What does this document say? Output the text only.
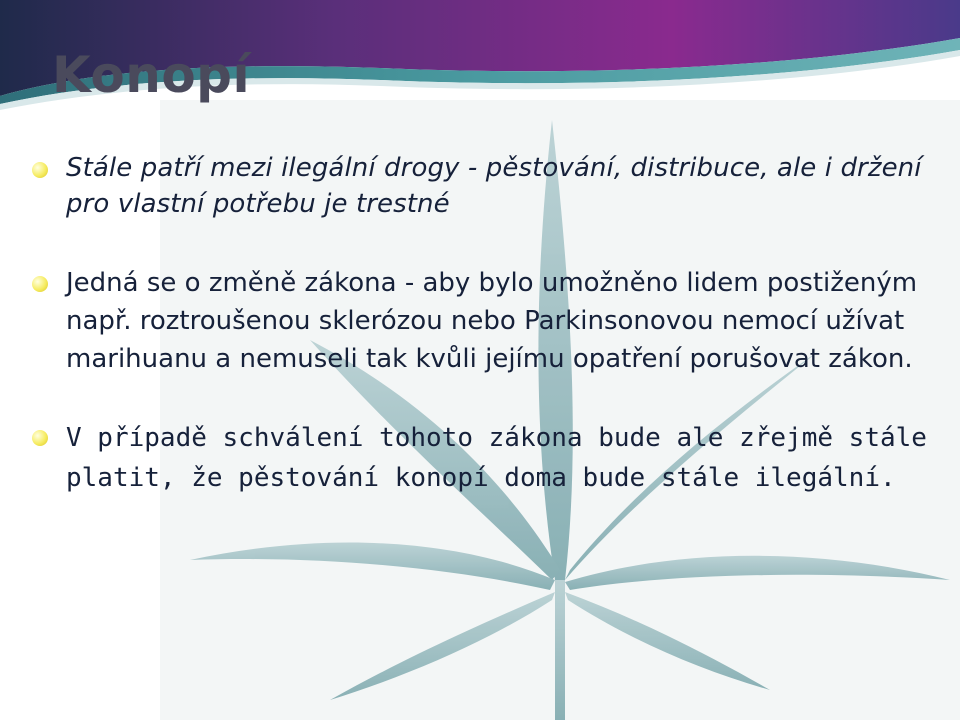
Konopí
Stále patří mezi ilegální drogy - pěstování, distribuce, ale i držení pro vlastní potřebu je trestné
Jedná se o změně zákona - aby bylo umožněno lidem postiženým např. roztroušenou sklerózou nebo Parkinsonovou nemocí užívat marihuanu a nemuseli tak kvůli jejímu opatření porušovat zákon.
V případě schválení tohoto zákona bude ale zřejmě stále platit, že pěstování konopí doma bude stále ilegální.
